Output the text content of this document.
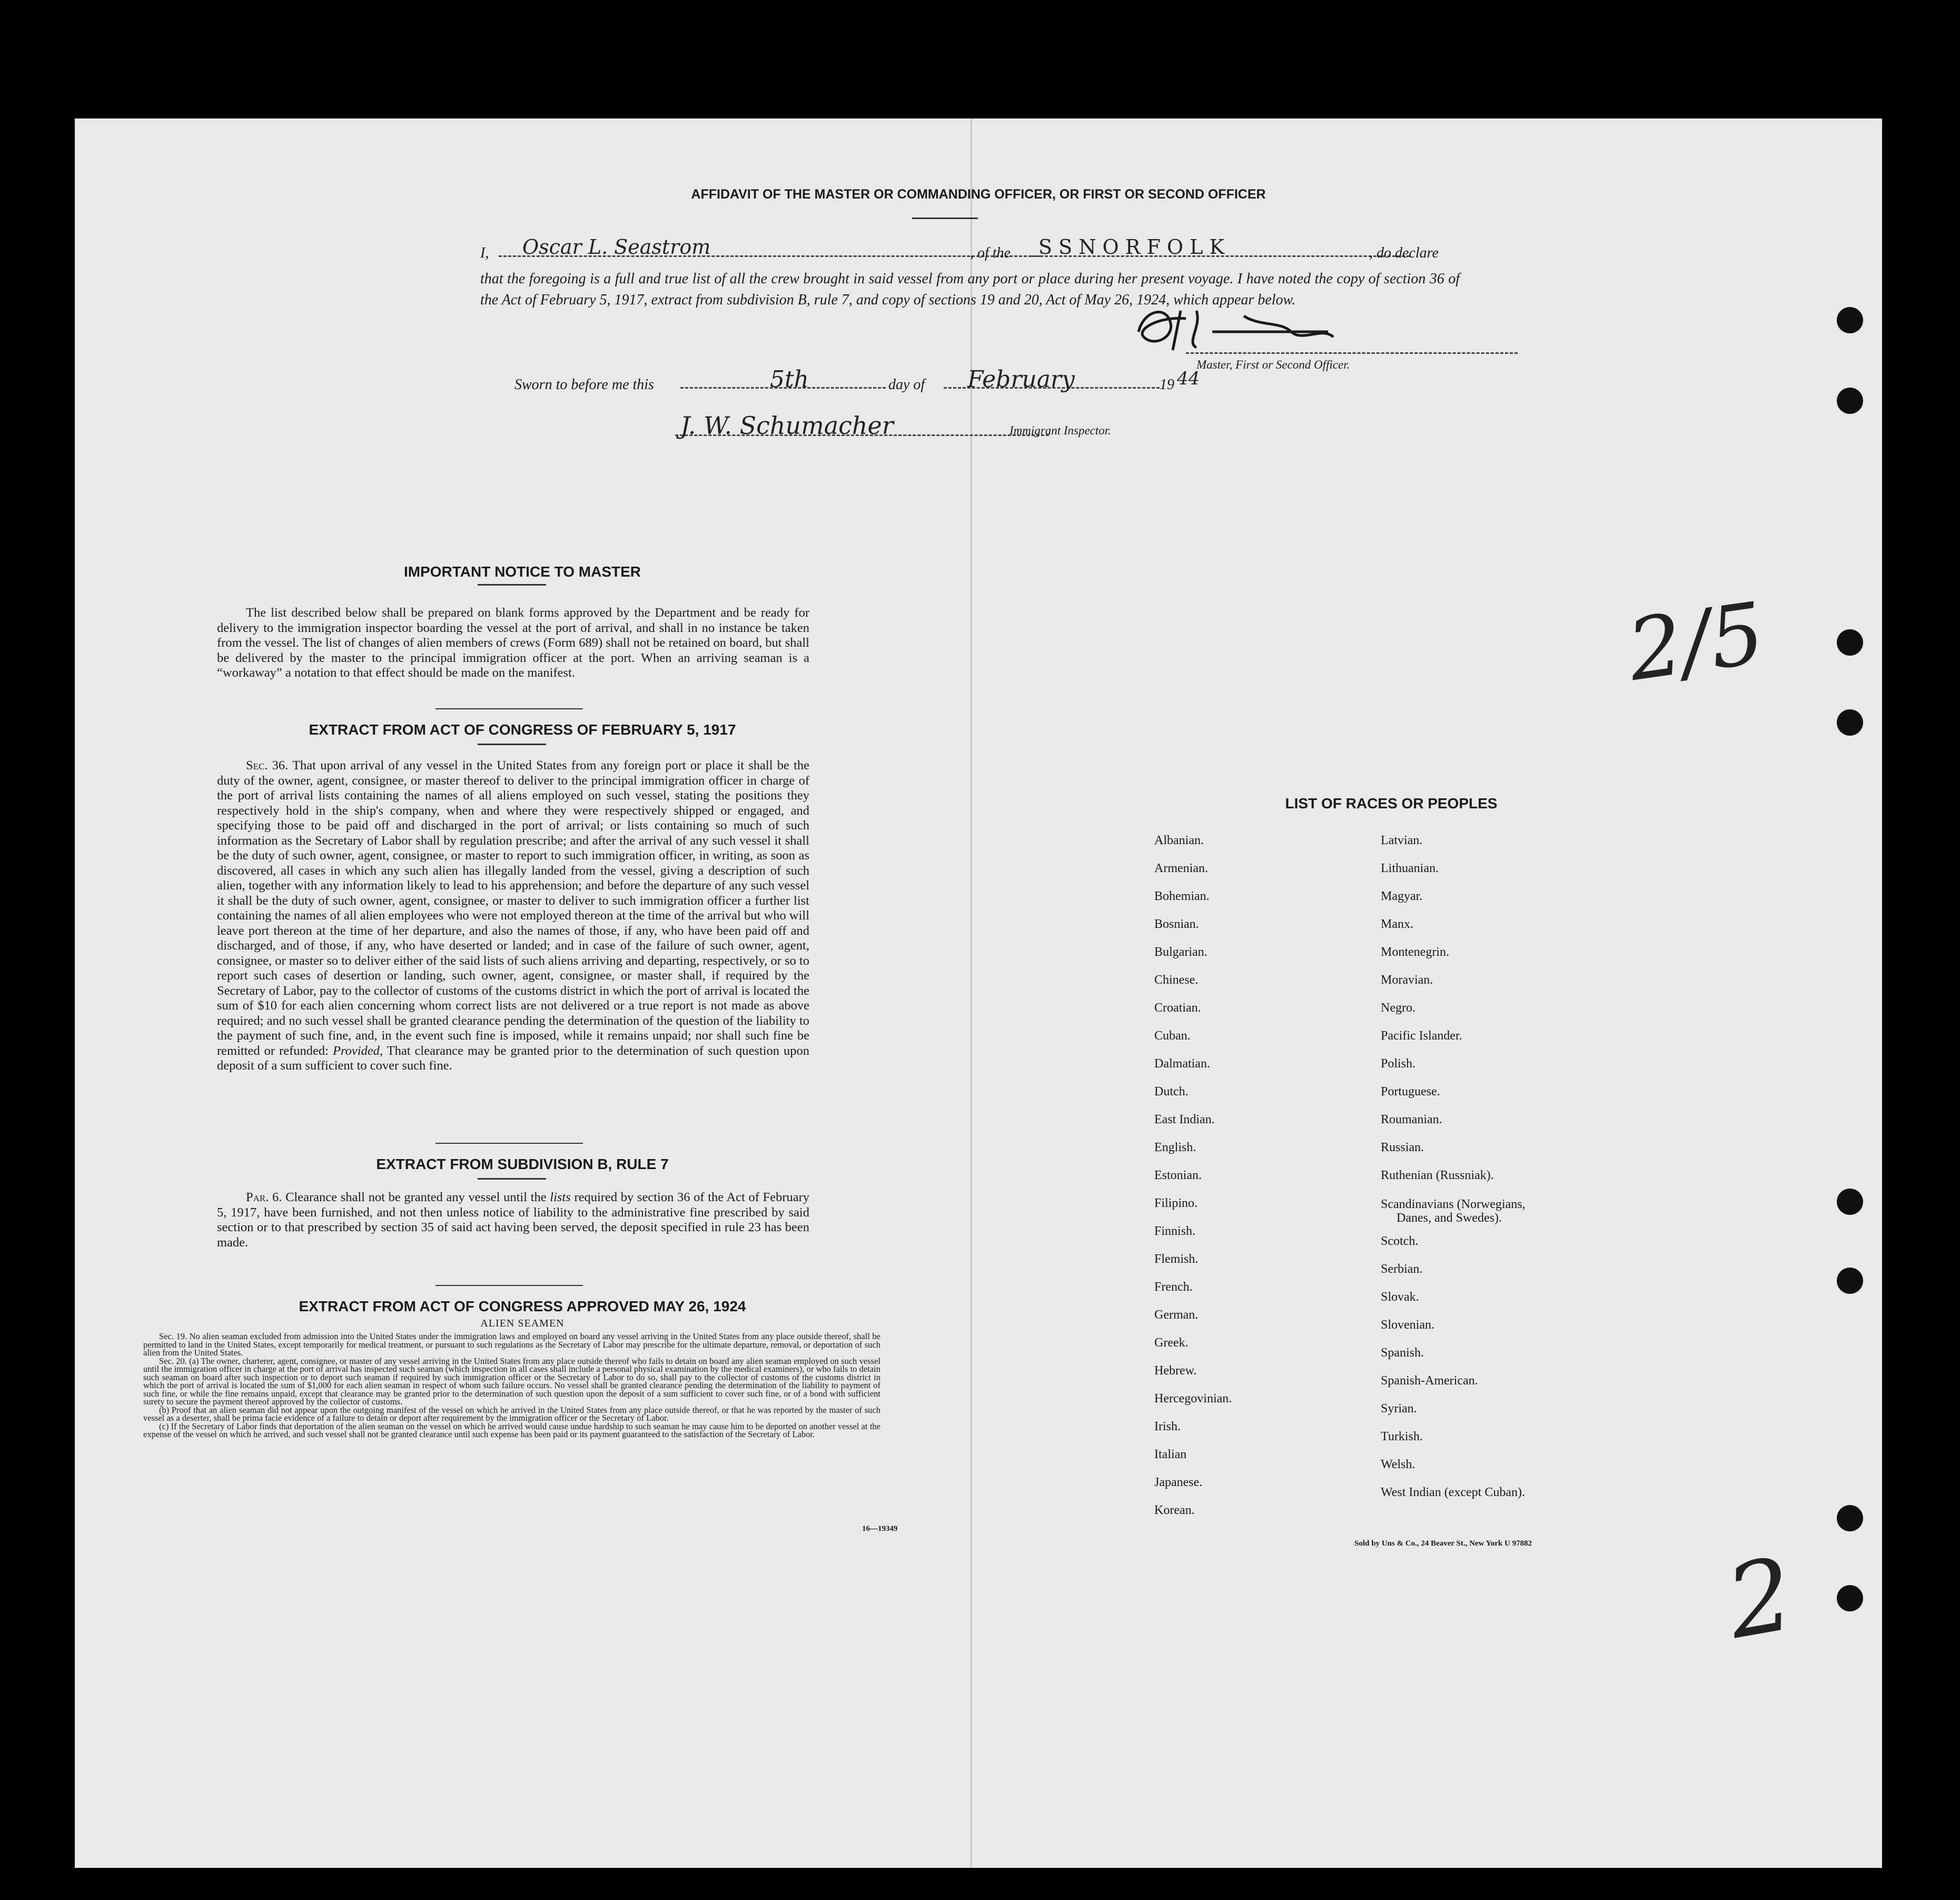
AFFIDAVIT OF THE MASTER OR COMMANDING OFFICER, OR FIRST OR SECOND OFFICER
I, Oscar L. Seastrom	, of the S S N O R F O L K	, do declare
that the foregoing is a full and true list of all the crew brought in said vessel from any port or place during her present voyage. I have noted the copy of section 36 of the Act of February 5, 1917, extract from subdivision B, rule 7, and copy of sections 19 and 20, Act of May 26, 1924, which appear below.
Master, First or Second Officer.
Sworn to before me this	5th	day of February	19 44
J. W. Schumacher	Immigrant Inspector.
IMPORTANT NOTICE TO MASTER
The list described below shall be prepared on blank forms approved by the Department and be ready for delivery to the immigration inspector boarding the vessel at the port of arrival, and shall in no instance be taken from the vessel. The list of changes of alien members of crews (Form 689) shall not be retained on board, but shall be delivered by the master to the principal immigration officer at the port. When an arriving seaman is a “workaway” a notation to that effect should be made on the manifest.
EXTRACT FROM ACT OF CONGRESS OF FEBRUARY 5, 1917
Sec. 36. That upon arrival of any vessel in the United States from any foreign port or place it shall be the duty of the owner, agent, consignee, or master thereof to deliver to the principal immigration officer in charge of the port of arrival lists containing the names of all aliens employed on such vessel, stating the positions they respectively hold in the ship's company, when and where they were respectively shipped or engaged, and specifying those to be paid off and discharged in the port of arrival; or lists containing so much of such information as the Secretary of Labor shall by regulation prescribe; and after the arrival of any such vessel it shall be the duty of such owner, agent, consignee, or master to report to such immigration officer, in writing, as soon as discovered, all cases in which any such alien has illegally landed from the vessel, giving a description of such alien, together with any information likely to lead to his apprehension; and before the departure of any such vessel it shall be the duty of such owner, agent, consignee, or master to deliver to such immigration officer a further list containing the names of all alien employees who were not employed thereon at the time of the arrival but who will leave port thereon at the time of her departure, and also the names of those, if any, who have been paid off and discharged, and of those, if any, who have deserted or landed; and in case of the failure of such owner, agent, consignee, or master so to deliver either of the said lists of such aliens arriving and departing, respectively, or so to report such cases of desertion or landing, such owner, agent, consignee, or master shall, if required by the Secretary of Labor, pay to the collector of customs of the customs district in which the port of arrival is located the sum of $10 for each alien concerning whom correct lists are not delivered or a true report is not made as above required; and no such vessel shall be granted clearance pending the determination of the question of the liability to the payment of such fine, and, in the event such fine is imposed, while it remains unpaid; nor shall such fine be remitted or refunded: Provided, That clearance may be granted prior to the determination of such question upon deposit of a sum sufficient to cover such fine.
EXTRACT FROM SUBDIVISION B, RULE 7
Par. 6. Clearance shall not be granted any vessel until the lists required by section 36 of the Act of February 5, 1917, have been furnished, and not then unless notice of liability to the administrative fine prescribed by said section or to that prescribed by section 35 of said act having been served, the deposit specified in rule 23 has been made.
EXTRACT FROM ACT OF CONGRESS APPROVED MAY 26, 1924
ALIEN SEAMEN
Sec. 19. No alien seaman excluded from admission into the United States under the immigration laws and employed on board any vessel arriving in the United States from any place outside thereof, shall be permitted to land in the United States, except temporarily for medical treatment, or pursuant to such regulations as the Secretary of Labor may prescribe for the ultimate departure, removal, or deportation of such alien from the United States.
Sec. 20. (a) The owner, charterer, agent, consignee, or master of any vessel arriving in the United States from any place outside thereof who fails to detain on board any alien seaman employed on such vessel until the immigration officer in charge at the port of arrival has inspected such seaman (which inspection in all cases shall include a personal physical examination by the medical examiners), or who fails to detain such seaman on board after such inspection or to deport such seaman if required by such immigration officer or the Secretary of Labor to do so, shall pay to the collector of customs of the customs district in which the port of arrival is located the sum of $1,000 for each alien seaman in respect of whom such failure occurs. No vessel shall be granted clearance pending the determination of the liability to payment of such fine, or while the fine remains unpaid, except that clearance may be granted prior to the determination of such question upon the deposit of a sum sufficient to cover such fine, or of a bond with sufficient surety to secure the payment thereof approved by the collector of customs.
(b) Proof that an alien seaman did not appear upon the outgoing manifest of the vessel on which he arrived in the United States from any place outside thereof, or that he was reported by the master of such vessel as a deserter, shall be prima facie evidence of a failure to detain or deport after requirement by the immigration officer or the Secretary of Labor.
(c) If the Secretary of Labor finds that deportation of the alien seaman on the vessel on which he arrived would cause undue hardship to such seaman he may cause him to be deported on another vessel at the expense of the vessel on which he arrived, and such vessel shall not be granted clearance until such expense has been paid or its payment guaranteed to the satisfaction of the Secretary of Labor.
16—19349
LIST OF RACES OR PEOPLES
Albanian.
Armenian.
Bohemian.
Bosnian.
Bulgarian.
Chinese.
Croatian.
Cuban.
Dalmatian.
Dutch.
East Indian.
English.
Estonian.
Filipino.
Finnish.
Flemish.
French.
German.
Greek.
Hebrew.
Hercegovinian.
Irish.
Italian
Japanese.
Korean.
Latvian.
Lithuanian.
Magyar.
Manx.
Montenegrin.
Moravian.
Negro.
Pacific Islander.
Polish.
Portuguese.
Roumanian.
Russian.
Ruthenian (Russniak).
Scandinavians (Norwegians,
Danes, and Swedes).
Scotch.
Serbian.
Slovak.
Slovenian.
Spanish.
Spanish-American.
Syrian.
Turkish.
Welsh.
West Indian (except Cuban).
Sold by Uns & Co., 24 Beaver St., New York U 97882
2/5
2
